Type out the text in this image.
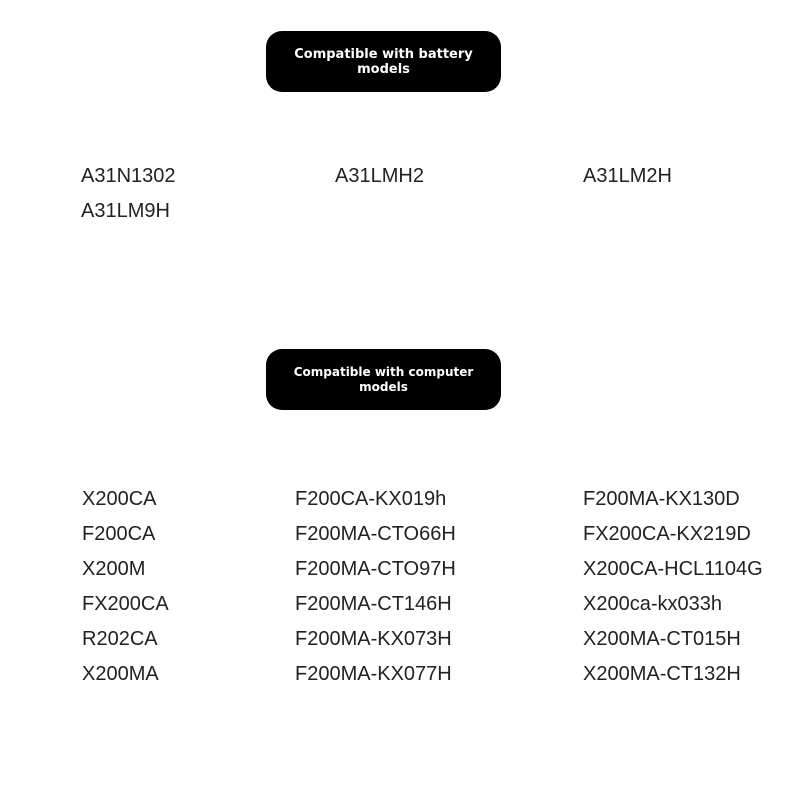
Compatible with battery models
A31N1302	A31LMH2	A31LM2H
A31LM9H
Compatible with computer models
X200CA
F200CA
X200M
FX200CA
R202CA
X200MA
F200CA-KX019h
F200MA-CTO66H
F200MA-CTO97H
F200MA-CT146H
F200MA-KX073H
F200MA-KX077H
F200MA-KX130D
FX200CA-KX219D
X200CA-HCL1104G
X200ca-kx033h
X200MA-CT015H
X200MA-CT132H
